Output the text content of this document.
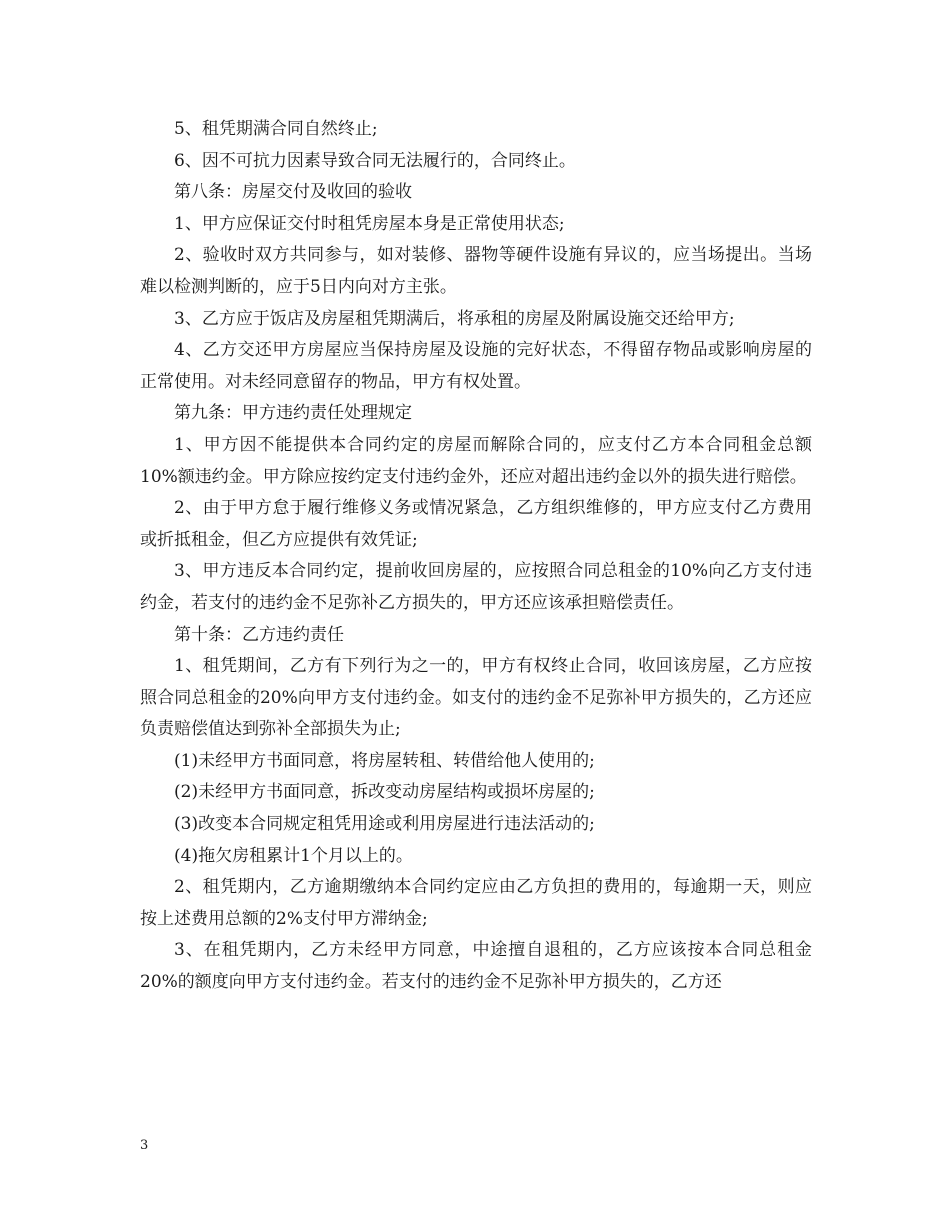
5、租凭期满合同自然终止;

6、因不可抗力因素导致合同无法履行的，合同终止。

第八条：房屋交付及收回的验收

1、甲方应保证交付时租凭房屋本身是正常使用状态;

2、验收时双方共同参与，如对装修、器物等硬件设施有异议的，应当场提出。当场难以检测判断的，应于5日内向对方主张。

3、乙方应于饭店及房屋租凭期满后，将承租的房屋及附属设施交还给甲方;

4、乙方交还甲方房屋应当保持房屋及设施的完好状态，不得留存物品或影响房屋的正常使用。对未经同意留存的物品，甲方有权处置。

第九条：甲方违约责任处理规定

1、甲方因不能提供本合同约定的房屋而解除合同的，应支付乙方本合同租金总额10%额违约金。甲方除应按约定支付违约金外，还应对超出违约金以外的损失进行赔偿。

2、由于甲方怠于履行维修义务或情况紧急，乙方组织维修的，甲方应支付乙方费用或折抵租金，但乙方应提供有效凭证;

3、甲方违反本合同约定，提前收回房屋的，应按照合同总租金的10%向乙方支付违约金，若支付的违约金不足弥补乙方损失的，甲方还应该承担赔偿责任。

第十条：乙方违约责任

1、租凭期间，乙方有下列行为之一的，甲方有权终止合同，收回该房屋，乙方应按照合同总租金的20%向甲方支付违约金。如支付的违约金不足弥补甲方损失的，乙方还应负责赔偿值达到弥补全部损失为止;

(1)未经甲方书面同意，将房屋转租、转借给他人使用的;

(2)未经甲方书面同意，拆改变动房屋结构或损坏房屋的;

(3)改变本合同规定租凭用途或利用房屋进行违法活动的;

(4)拖欠房租累计1个月以上的。

2、租凭期内，乙方逾期缴纳本合同约定应由乙方负担的费用的，每逾期一天，则应按上述费用总额的2%支付甲方滞纳金;

3、在租凭期内，乙方未经甲方同意，中途擅自退租的，乙方应该按本合同总租金20%的额度向甲方支付违约金。若支付的违约金不足弥补甲方损失的，乙方还

3
